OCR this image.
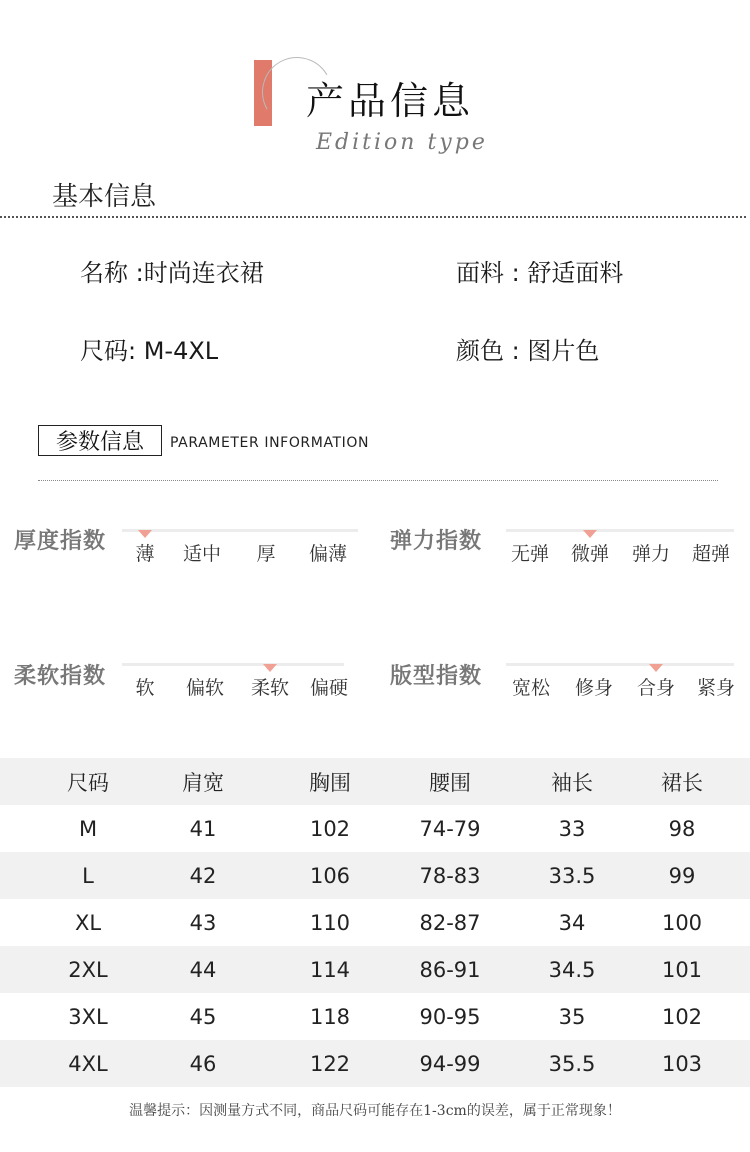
产品信息
Edition type
基本信息
名称 :时尚连衣裙	面料 : 舒适面料
尺码: M-4XL	颜色 : 图片色
参数信息	PARAMETER INFORMATION
厚度指数 薄 适中 厚 偏薄 弹力指数 无弹 微弹 弹力 超弹
柔软指数 软 偏软 柔软 偏硬 版型指数 宽松 修身 合身 紧身
尺码	肩宽	胸围	腰围	袖长	裙长
M	41	102	74-79	33	98
L	42	106	78-83	33.5	99
XL	43	110	82-87	34	100
2XL	44	114	86-91	34.5	101
3XL	45	118	90-95	35	102
4XL	46	122	94-99	35.5	103
温馨提示：因测量方式不同，商品尺码可能存在1-3cm的误差，属于正常现象！
